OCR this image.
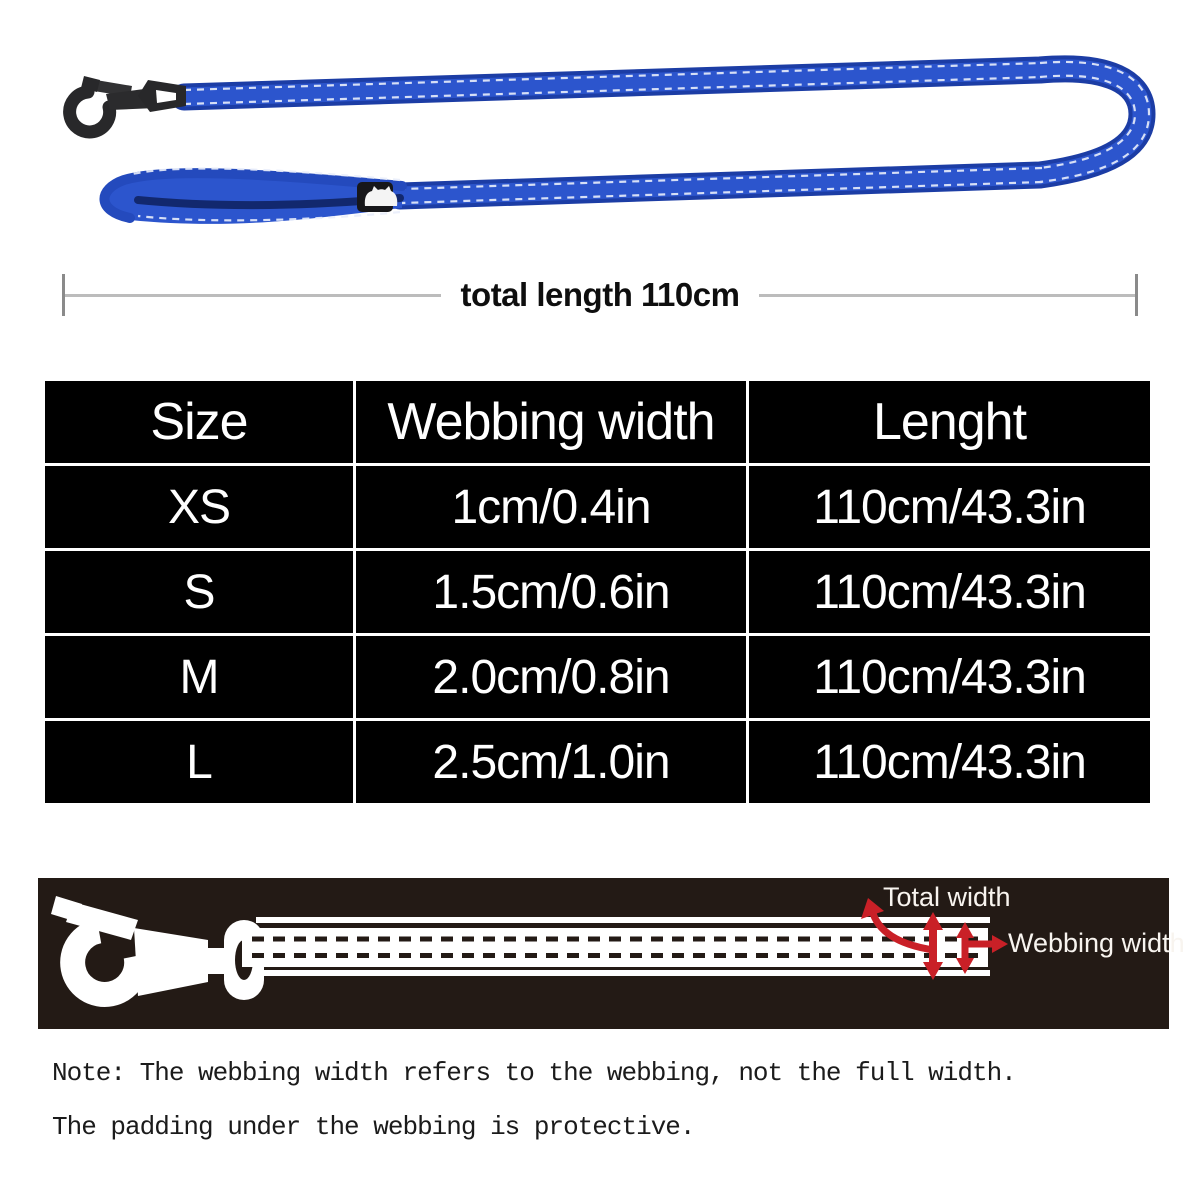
total length 110cm
Size	Webbing width	Lenght
XS	1cm/0.4in	110cm/43.3in
S	1.5cm/0.6in	110cm/43.3in
M	2.0cm/0.8in	110cm/43.3in
L	2.5cm/1.0in	110cm/43.3in
Total width
Webbing width

Note: The webbing width refers to the webbing, not the full width.

The padding under the webbing is protective.
